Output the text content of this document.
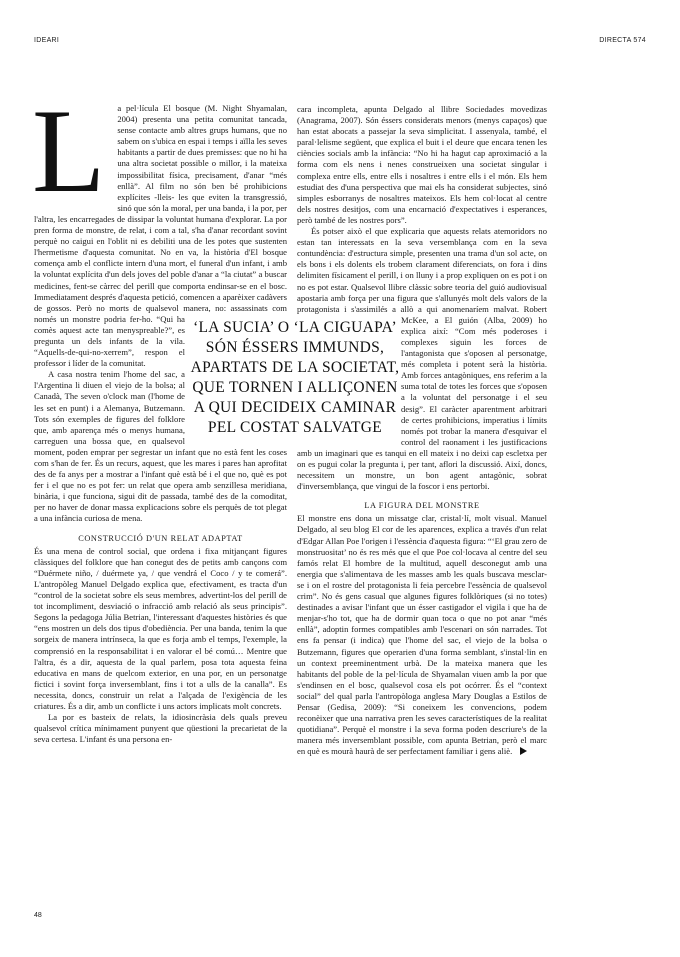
IDEARI	DIRECTA 574
L	a pel·lícula El bosque (M. Night Shyamalan, 2004) presenta una petita comunitat tancada, sense contacte amb altres grups humans, que no sabem on s'ubica en espai i temps i aïlla les seves habitants a partir de dues premisses: que no hi ha una altra societat possible o millor, i la mateixa impossibilitat física, precisament, d'anar “més enllà”. Al film no són ben bé prohibicions explícites -lleis- les que eviten la transgressió, sinó que són la moral, per una banda, i la por, per l'altra, les encarregades de dissipar la voluntat humana d'explorar. La por pren forma de monstre, de relat, i com a tal, s'ha d'anar recordant sovint perquè no caigui en l'oblit ni es debiliti una de les potes que sustenten l'hermetisme d'aquesta comunitat. No en va, la història d'El bosque comença amb el conflicte intern d'una mort, el funeral d'un infant, i amb la voluntat explícita d'un dels joves del poble d'anar a “la ciutat” a buscar medicines, fent-se càrrec del perill que comporta endinsar-se en el bosc. Immediatament després d'aquesta petició, comencen a aparèixer cadàvers de gossos. Però no morts de qualsevol manera, no: assassinats com només un monstre podria fer-ho. “Qui ha comès aquest acte tan menyspreable?”, es pregunta un dels infants de la vila. “Aquells-de-qui-no-xerrem”, respon el professor i líder de la comunitat.

A casa nostra tenim l'home del sac, a l'Argentina li diuen el viejo de la bolsa; al Canadà, The seven o'clock man (l'home de les set en punt) i a Alemanya, Butzemann. Tots són exemples de figures del folklore que, amb aparença més o menys humana, carreguen una bossa que, en qualsevol moment, poden emprar per segrestar un infant que no està fent les coses com s'han de fer. És un recurs, aquest, que les mares i pares han aprofitat des de fa anys per a mostrar a l'infant què està bé i el que no, què es pot fer i el que no es pot fer: un relat que opera amb senzillesa meridiana, binària, i que funciona, sigui dit de passada, també des de la comoditat, per no haver de donar massa explicacions sobre els perquès de tot plegat a una infància curiosa de mena.

CONSTRUCCIÓ D'UN RELAT ADAPTAT

És una mena de control social, que ordena i fixa mitjançant figures clàssiques del folklore que han conegut des de petits amb cançons com “Duérmete niño, / duérmete ya, / que vendrá el Coco / y te comerá”. L'antropòleg Manuel Delgado explica que, efectivament, es tracta d'un “control de la societat sobre els seus membres, advertint-los del perill de tot incompliment, desviació o infracció amb relació als seus principis”. Segons la pedagoga Júlia Betrian, l'interessant d'aquestes històries és que “ens mostren un dels dos tipus d'obediència. Per una banda, tenim la que sorgeix de manera intrínseca, la que es forja amb el temps, l'exemple, la comprensió en la responsabilitat i en valorar el bé comú… Mentre que l'altra, és a dir, aquesta de la qual parlem, posa tota aquesta feina educativa en mans de quelcom exterior, en una por, en un personatge fictici i sovint força inversemblant, fins i tot a ulls de la canalla”. Es necessita, doncs, construir un relat a l'alçada de l'exigència de les criatures. És a dir, amb un conflicte i uns actors implicats molt concrets.

La por es basteix de relats, la idiosincràsia dels quals preveu qualsevol crítica mínimament punyent que qüestioni la precarietat de la seva certesa. L'infant és una persona en-

cara incompleta, apunta Delgado al llibre Sociedades movedizas (Anagrama, 2007). Són éssers considerats menors (menys capaços) que han estat abocats a passejar la seva simplicitat. I assenyala, també, el paral·lelisme següent, que explica el buit i el deure que encara tenen les ciències socials amb la infància: “No hi ha hagut cap aproximació a la forma com els nens i nenes construeixen una societat singular i complexa entre ells, entre ells i nosaltres i entre ells i el món. Els hem estudiat des d'una perspectiva que mai els ha considerat subjectes, sinó simples esborranys de nosaltres mateixos. Els hem col·locat al centre dels nostres desitjos, com una encarnació d'expectatives i esperances, però també de les nostres pors”.

És potser això el que explicaria que aquests relats atemoridors no estan tan interessats en la seva versemblança com en la seva contundència: d'estructura simple, presenten una trama d'un sol acte, on els bons i els dolents els trobem clarament diferenciats, on fora i dins delimiten físicament el perill, i on lluny i a prop expliquen on es pot i on no es pot estar. Qualsevol llibre clàssic sobre teoria del guió audiovisual apostaria amb força per una figura que s'allunyés molt dels valors de la protagonista i s'assimilés a allò a qui anomenaríem malvat. Robert McKee, a El guión (Alba, 2009) ho explica així: “Com més poderoses i complexes siguin les forces de l'antagonista que s'oposen al personatge, més completa i potent serà la història. Amb forces antagòniques, ens referim a la suma total de totes les forces que s'oposen a la voluntat del personatge i el seu desig”. El caràcter aparentment arbitrari de certes prohibicions, imperatius i límits només pot trobar la manera d'esquivar el control del raonament i les justificacions amb un imaginari que es tanqui en ell mateix i no deixi cap escletxa per on es pugui colar la pregunta i, per tant, aflori la discussió. Així, doncs, necessitem un monstre, un bon agent antagònic, sobrat d'inversemblança, que vingui de la foscor i ens pertorbi.

LA FIGURA DEL MONSTRE

El monstre ens dona un missatge clar, cristal·lí, molt visual. Manuel Delgado, al seu blog El cor de les aparences, explica a través d'un relat d'Edgar Allan Poe l'origen i l'essència d'aquesta figura: “‘El grau zero de monstruositat’ no és res més que el que Poe col·locava al centre del seu famós relat El hombre de la multitud, aquell desconegut amb una energia que s'alimentava de les masses amb les quals buscava mesclar-se i on el rostre del protagonista li feia percebre l'essència de qualsevol crim”. No és gens casual que algunes figures folklòriques (si no totes) destinades a avisar l'infant que un ésser castigador el vigila i que ha de menjar-s'ho tot, que ha de dormir quan toca o que no pot anar “més enllà”, adoptin formes compatibles amb l'escenari on són narrades. Tot ens fa pensar (i indica) que l'home del sac, el viejo de la bolsa o Butzemann, figures que operarien d'una forma semblant, s'instal·lin en un context preeminentment urbà. De la mateixa manera que les habitants del poble de la pel·lícula de Shyamalan viuen amb la por que s'endinsen en el bosc, qualsevol cosa els pot ocórrer. És el “context social” del qual parla l'antropòloga anglesa Mary Douglas a Estilos de Pensar (Gedisa, 2009): “Si coneixem les convencions, podem reconèixer que una narrativa pren les seves característiques de la realitat quotidiana”. Perquè el monstre i la seva forma poden descriure's de la manera més inversemblant possible, com apunta Betrian, però el marc en què es mourà haurà de ser perfectament familiar i gens aliè.

‘LA SUCIA’ O ‘LA CIGUAPA’ SÓN ÉSSERS IMMUNDS, APARTATS DE LA SOCIETAT, QUE TORNEN I ALLIÇONEN A QUI DECIDEIX CAMINAR PEL COSTAT SALVATGE
48
